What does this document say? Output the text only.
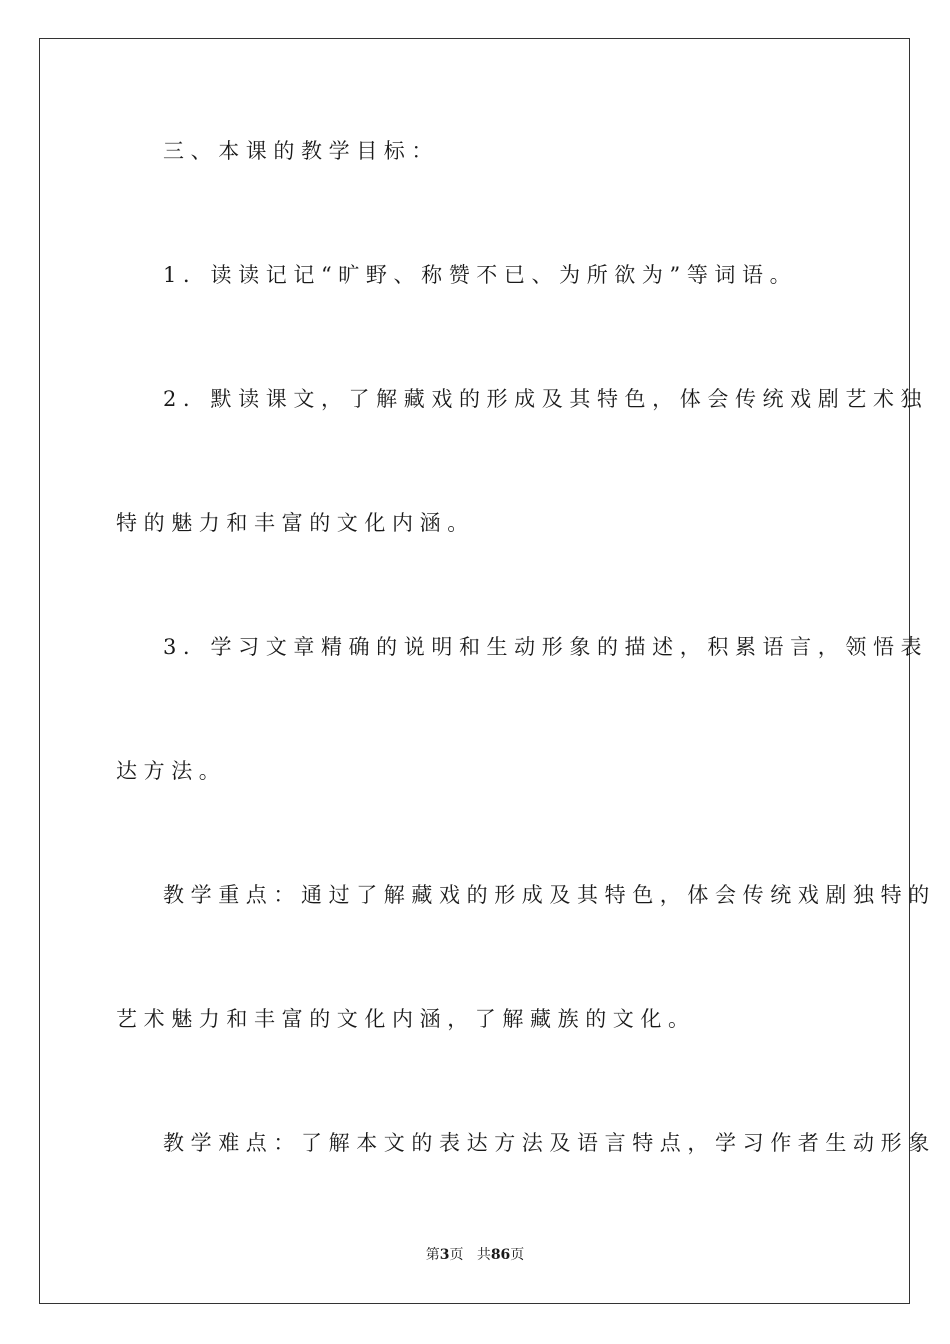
三、本课的教学目标：
1．读读记记“旷野、称赞不已、为所欲为”等词语。
2．默读课文，了解藏戏的形成及其特色，体会传统戏剧艺术独
特的魅力和丰富的文化内涵。
3．学习文章精确的说明和生动形象的描述，积累语言，领悟表
达方法。
教学重点：通过了解藏戏的形成及其特色，体会传统戏剧独特的
艺术魅力和丰富的文化内涵，了解藏族的文化。
教学难点：了解本文的表达方法及语言特点，学习作者生动形象
第3页 共86页
